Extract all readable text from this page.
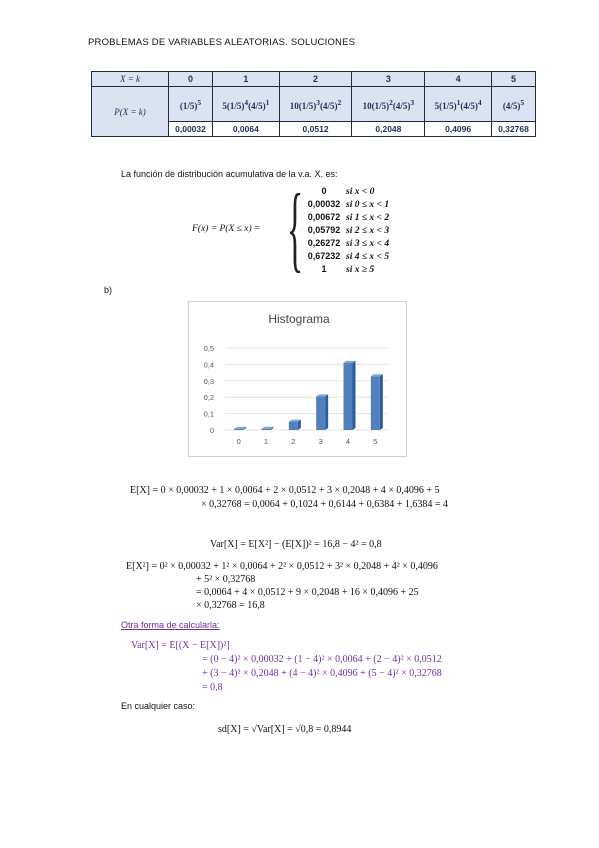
PROBLEMAS DE VARIABLES ALEATORIAS. SOLUCIONES
X = k	0	1	2	3	4	5
P(X = k)	$(1/5)^5$	$5(1/5)^4(4/5)^1$	$10(1/5)^3(4/5)^2$	$10(1/5)^2(4/5)^3$	$5(1/5)^1(4/5)^4$	$(4/5)^5$
	0,00032	0,0064	0,0512	0,2048	0,4096	0,32768
La función de distribución acumulativa de la v.a. X. es:
F(x) = P(X ≤ x) = {	0 si x < 0
0,00032 si 0 ≤ x < 1
0,00672 si 1 ≤ x < 2
0,05792 si 2 ≤ x < 3
0,26272 si 3 ≤ x < 4
0,67232 si 4 ≤ x < 5
1 si x ≥ 5
b)
Histograma
0
0,1
0,2
0,3
0,4
0,5
0	1	2	3	4	5
E[X] = 0 × 0,00032 + 1 × 0,0064 + 2 × 0,0512 + 3 × 0,2048 + 4 × 0,4096 + 5
× 0,32768 = 0,0064 + 0,1024 + 0,6144 + 0,6384 + 1,6384 = 4
Var[X] = E[X²] − (E[X])² = 16,8 − 4² = 0,8
E[X²] = 0² × 0,00032 + 1² × 0,0064 + 2² × 0,0512 + 3² × 0,2048 + 4² × 0,4096
+ 5² × 0,32768
= 0,0064 + 4 × 0,0512 + 9 × 0,2048 + 16 × 0,4096 + 25
× 0,32768 = 16,8
Otra forma de calcularla:
Var[X] = E[(X − E[X])²]
= (0 − 4)² × 0,00032 + (1 − 4)² × 0,0064 + (2 − 4)² × 0,0512
+ (3 − 4)² × 0,2048 + (4 − 4)² × 0,4096 + (5 − 4)² × 0,32768
= 0,8
En cualquier caso:
sd[X] = √Var[X] = √0,8 = 0,8944
